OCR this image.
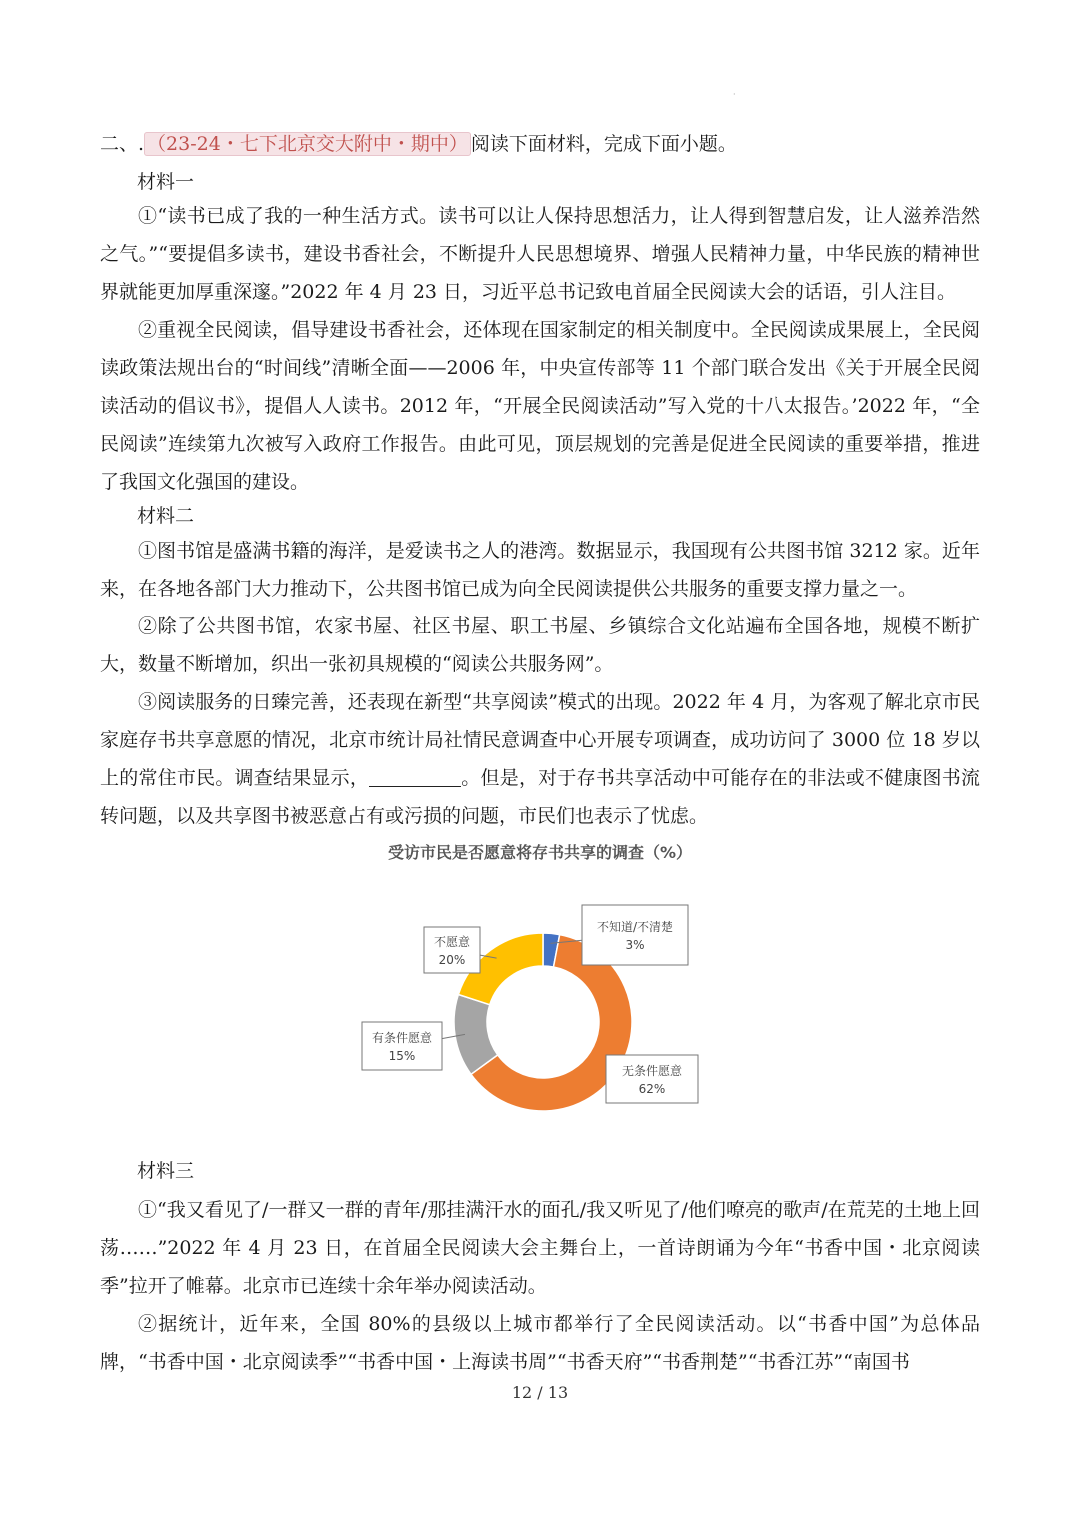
·
二、. （23-24・七下北京交大附中・期中） 阅读下面材料，完成下面小题。
材料一

①“读书已成了我的一种生活方式。读书可以让人保持思想活力，让人得到智慧启发，让人滋养浩然之气。”“要提倡多读书，建设书香社会，不断提升人民思想境界、增强人民精神力量，中华民族的精神世界就能更加厚重深邃。”2022 年 4 月 23 日，习近平总书记致电首届全民阅读大会的话语，引人注目。

②重视全民阅读，倡导建设书香社会，还体现在国家制定的相关制度中。全民阅读成果展上，全民阅读政策法规出台的“时间线”清晰全面——2006 年，中央宣传部等 11 个部门联合发出《关于开展全民阅读活动的倡议书》，提倡人人读书。2012 年，“开展全民阅读活动”写入党的十八太报告。’2022 年，“全民阅读”连续第九次被写入政府工作报告。由此可见，顶层规划的完善是促进全民阅读的重要举措，推进了我国文化强国的建设。

材料二

①图书馆是盛满书籍的海洋，是爱读书之人的港湾。数据显示，我国现有公共图书馆 3212 家。近年来，在各地各部门大力推动下，公共图书馆已成为向全民阅读提供公共服务的重要支撑力量之一。

②除了公共图书馆，农家书屋、社区书屋、职工书屋、乡镇综合文化站遍布全国各地，规模不断扩大，数量不断增加，织出一张初具规模的“阅读公共服务网”。

③阅读服务的日臻完善，还表现在新型“共享阅读”模式的出现。2022 年 4 月，为客观了解北京市民家庭存书共享意愿的情况，北京市统计局社情民意调查中心开展专项调查，成功访问了 3000 位 18 岁以上的常住市民。调查结果显示，	。但是，对于存书共享活动中可能存在的非法或不健康图书流转问题，以及共享图书被恶意占有或污损的问题，市民们也表示了忧虑。

受访市民是否愿意将存书共享的调查（%）
不知道/不清楚
3%
无条件愿意
62%
有条件愿意
15%
不愿意
20%
材料三

①“我又看见了/一群又一群的青年/那挂满汗水的面孔/我又听见了/他们嘹亮的歌声/在荒芜的土地上回荡……”2022 年 4 月 23 日，在首届全民阅读大会主舞台上，一首诗朗诵为今年“书香中国・北京阅读季”拉开了帷幕。北京市已连续十余年举办阅读活动。

②据统计，近年来，全国 80%的县级以上城市都举行了全民阅读活动。以“书香中国”为总体品牌，“书香中国・北京阅读季”“书香中国・上海读书周”“书香天府”“书香荆楚”“书香江苏”“南国书

12 / 13
